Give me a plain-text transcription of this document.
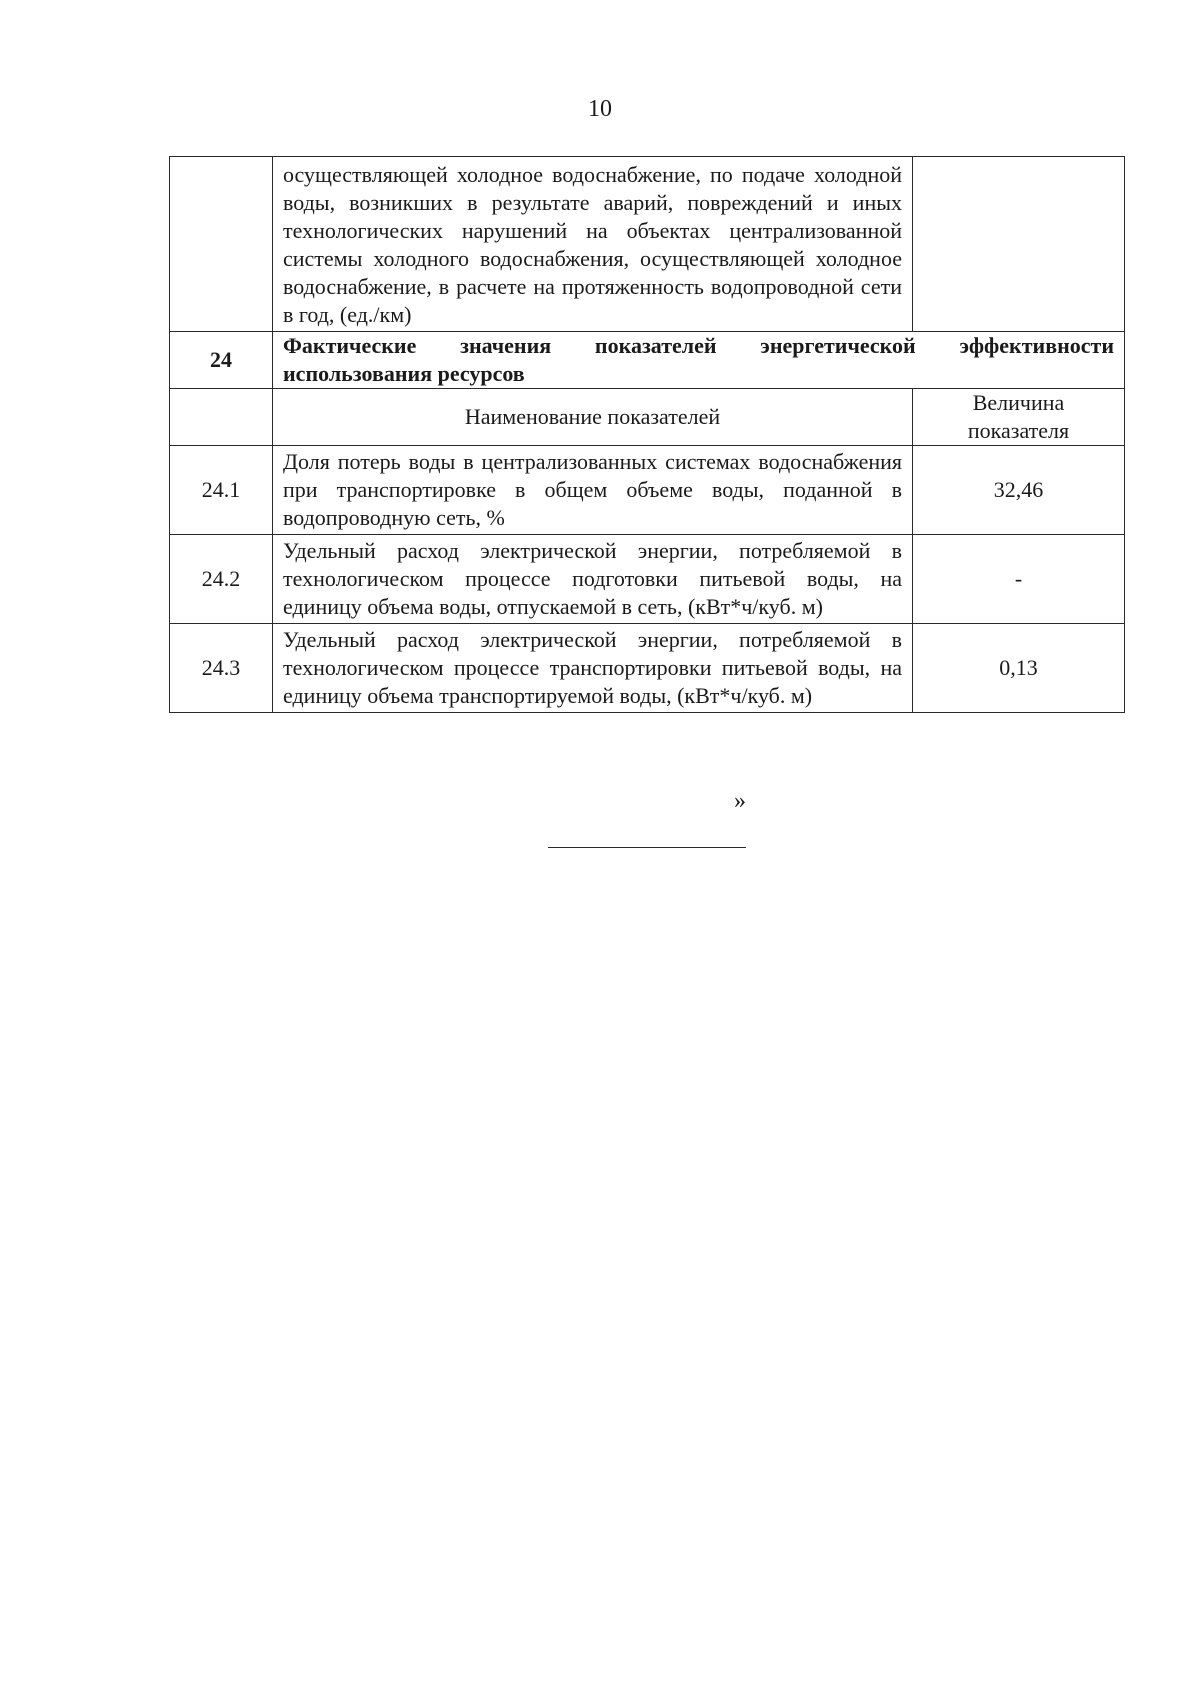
10
	осуществляющей холодное водоснабжение, по подаче холодной воды, возникших в результате аварий, повреждений и иных технологических нарушений на объектах централизованной системы холодного водоснабжения, осуществляющей холодное водоснабжение, в расчете на протяженность водопроводной сети в год, (ед./км)	
24	Фактические значения показателей энергетической эффективности использования ресурсов	
	Наименование показателей	Величина показателя
24.1	Доля потерь воды в централизованных системах водоснабжения при транспортировке в общем объеме воды, поданной в водопроводную сеть, %	32,46
24.2	Удельный расход электрической энергии, потребляемой в технологическом процессе подготовки питьевой воды, на единицу объема воды, отпускаемой в сеть, (кВт*ч/куб. м)	-
24.3	Удельный расход электрической энергии, потребляемой в технологическом процессе транспортировки питьевой воды, на единицу объема транспортируемой воды, (кВт*ч/куб. м)	0,13
»
